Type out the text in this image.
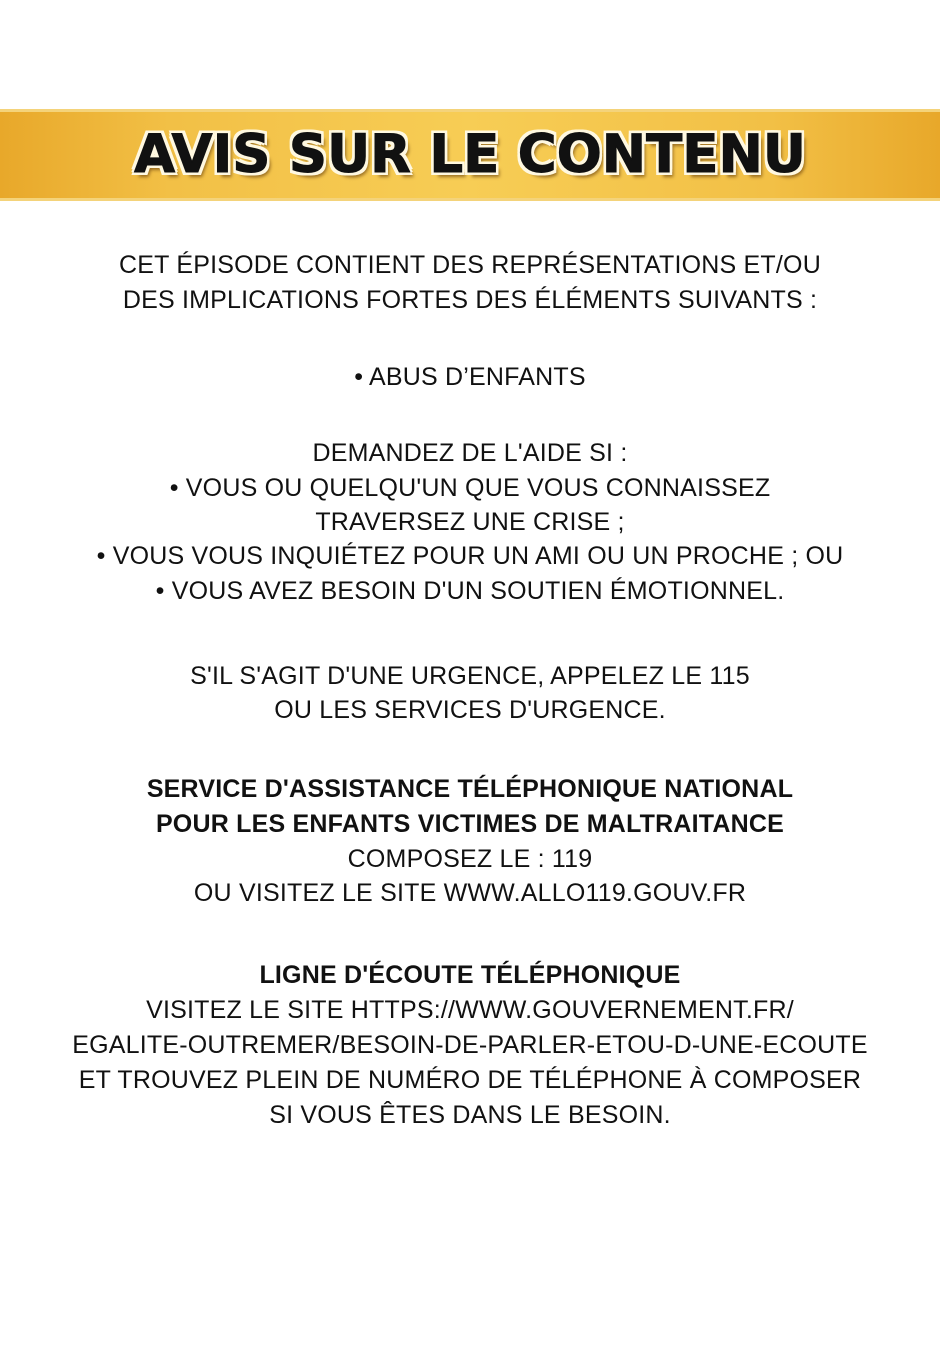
AVIS SUR LE CONTENU
CET ÉPISODE CONTIENT DES REPRÉSENTATIONS ET/OU
DES IMPLICATIONS FORTES DES ÉLÉMENTS SUIVANTS :
• ABUS D’ENFANTS
DEMANDEZ DE L'AIDE SI :
• VOUS OU QUELQU'UN QUE VOUS CONNAISSEZ
TRAVERSEZ UNE CRISE ;
• VOUS VOUS INQUIÉTEZ POUR UN AMI OU UN PROCHE ; OU
• VOUS AVEZ BESOIN D'UN SOUTIEN ÉMOTIONNEL.
S'IL S'AGIT D'UNE URGENCE, APPELEZ LE 115
OU LES SERVICES D'URGENCE.
SERVICE D'ASSISTANCE TÉLÉPHONIQUE NATIONAL
POUR LES ENFANTS VICTIMES DE MALTRAITANCE
COMPOSEZ LE : 119
OU VISITEZ LE SITE WWW.ALLO119.GOUV.FR
LIGNE D'ÉCOUTE TÉLÉPHONIQUE
VISITEZ LE SITE HTTPS://WWW.GOUVERNEMENT.FR/
EGALITE-OUTREMER/BESOIN-DE-PARLER-ETOU-D-UNE-ECOUTE
ET TROUVEZ PLEIN DE NUMÉRO DE TÉLÉPHONE À COMPOSER
SI VOUS ÊTES DANS LE BESOIN.
